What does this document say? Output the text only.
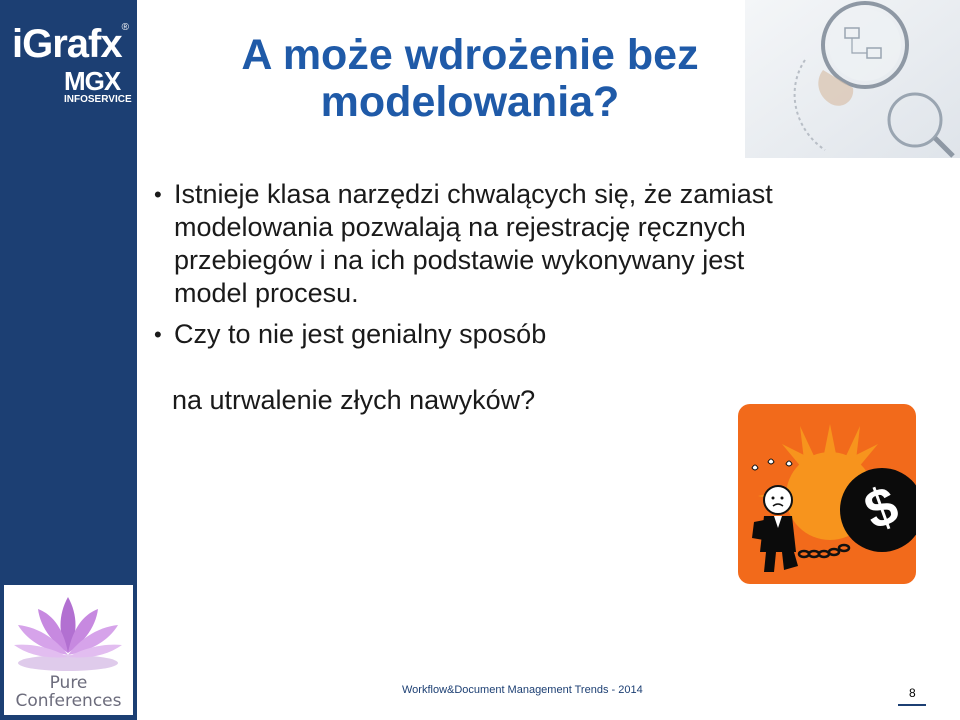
iGrafx®
MGX
INFOSERVICE
Pure
Conferences
A może wdrożenie bez
modelowania?
• Istnieje klasa narzędzi chwalących się, że zamiast
modelowania pozwalają na rejestrację ręcznych
przebiegów i na ich podstawie wykonywany jest
model procesu.
• Czy to nie jest genialny sposób
na utrwalenie złych nawyków?
$
Workflow&Document Management Trends - 2014	8
